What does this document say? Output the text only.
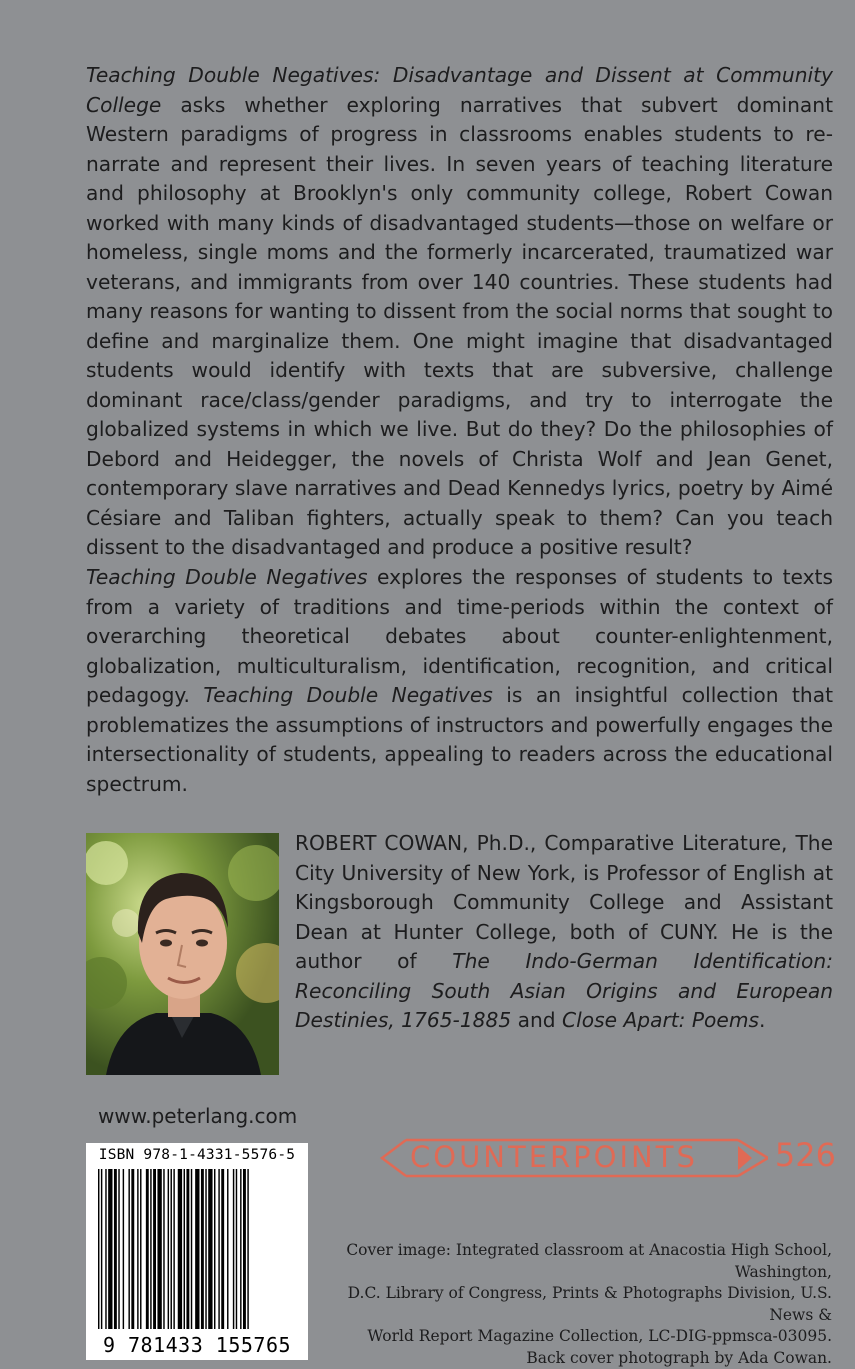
Teaching Double Negatives: Disadvantage and Dissent at Community College asks whether exploring narratives that subvert dominant Western paradigms of progress in classrooms enables students to re-narrate and represent their lives. In seven years of teaching literature and philosophy at Brooklyn's only community college, Robert Cowan worked with many kinds of disadvantaged students—those on welfare or homeless, single moms and the formerly incarcerated, traumatized war veterans, and immigrants from over 140 countries. These students had many reasons for wanting to dissent from the social norms that sought to define and marginalize them. One might imagine that disadvantaged students would identify with texts that are subversive, challenge dominant race/class/gender paradigms, and try to interrogate the globalized systems in which we live. But do they? Do the philosophies of Debord and Heidegger, the novels of Christa Wolf and Jean Genet, contemporary slave narratives and Dead Kennedys lyrics, poetry by Aimé Césiare and Taliban fighters, actually speak to them? Can you teach dissent to the disadvantaged and produce a positive result?

Teaching Double Negatives explores the responses of students to texts from a variety of traditions and time-periods within the context of overarching theoretical debates about counter-enlightenment, globalization, multiculturalism, identification, recognition, and critical pedagogy. Teaching Double Negatives is an insightful collection that problematizes the assumptions of instructors and powerfully engages the intersectionality of students, appealing to readers across the educational spectrum.

ROBERT COWAN, Ph.D., Comparative Literature, The City University of New York, is Professor of English at Kingsborough Community College and Assistant Dean at Hunter College, both of CUNY. He is the author of The Indo-German Identification: Reconciling South Asian Origins and European Destinies, 1765-1885 and Close Apart: Poems.

www.peterlang.com
ISBN 978-1-4331-5576-5
9 781433 155765
COUNTERPOINTS 526
Cover image: Integrated classroom at Anacostia High School, Washington,
D.C. Library of Congress, Prints & Photographs Division, U.S. News &
World Report Magazine Collection, LC-DIG-ppmsca-03095.
Back cover photograph by Ada Cowan.
